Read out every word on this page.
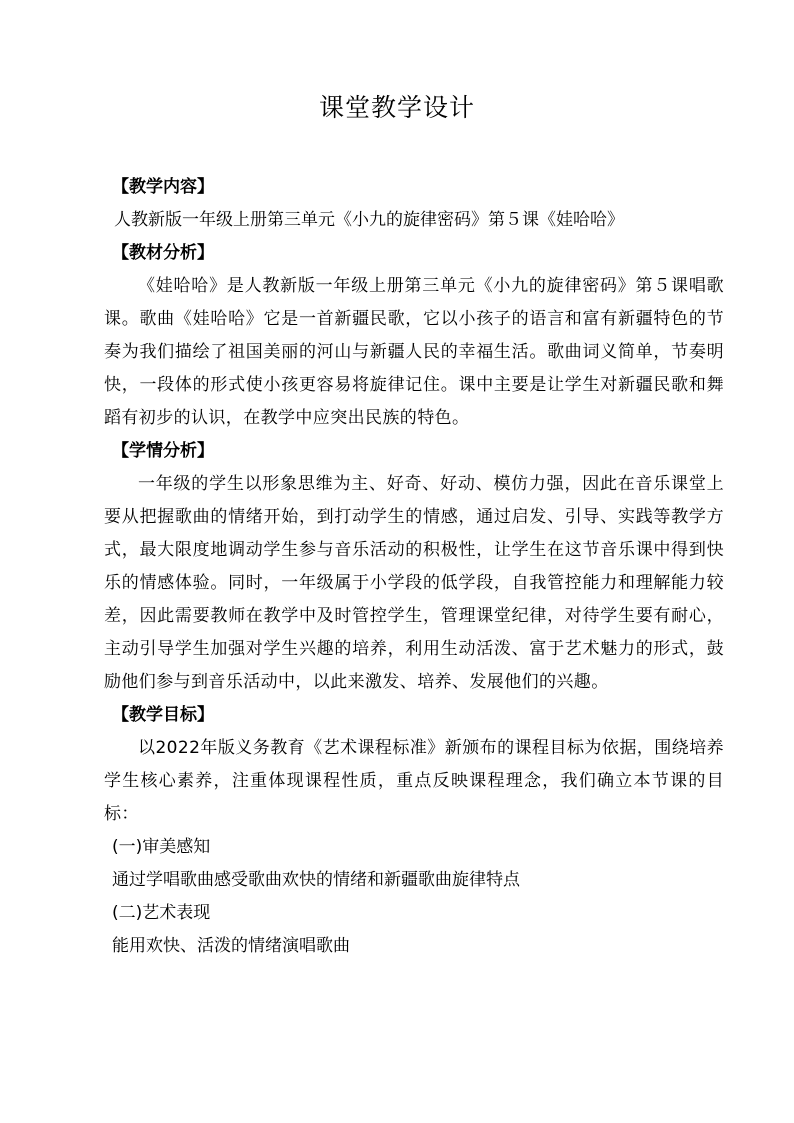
课堂教学设计
【教学内容】
人教新版一年级上册第三单元《小九的旋律密码》第５课《娃哈哈》
【教材分析】
《娃哈哈》是人教新版一年级上册第三单元《小九的旋律密码》第５课唱歌课。歌曲《娃哈哈》它是一首新疆民歌，它以小孩子的语言和富有新疆特色的节奏为我们描绘了祖国美丽的河山与新疆人民的幸福生活。歌曲词义简单，节奏明快，一段体的形式使小孩更容易将旋律记住。课中主要是让学生对新疆民歌和舞蹈有初步的认识，在教学中应突出民族的特色。
【学情分析】
一年级的学生以形象思维为主、好奇、好动、模仿力强，因此在音乐课堂上要从把握歌曲的情绪开始，到打动学生的情感，通过启发、引导、实践等教学方式，最大限度地调动学生参与音乐活动的积极性，让学生在这节音乐课中得到快乐的情感体验。同时，一年级属于小学段的低学段，自我管控能力和理解能力较差，因此需要教师在教学中及时管控学生，管理课堂纪律，对待学生要有耐心，主动引导学生加强对学生兴趣的培养，利用生动活泼、富于艺术魅力的形式，鼓励他们参与到音乐活动中，以此来激发、培养、发展他们的兴趣。
【教学目标】
以2022年版义务教育《艺术课程标准》新颁布的课程目标为依据，围绕培养学生核心素养，注重体现课程性质，重点反映课程理念，我们确立本节课的目标：
(一)审美感知
通过学唱歌曲感受歌曲欢快的情绪和新疆歌曲旋律特点
(二)艺术表现
能用欢快、活泼的情绪演唱歌曲
